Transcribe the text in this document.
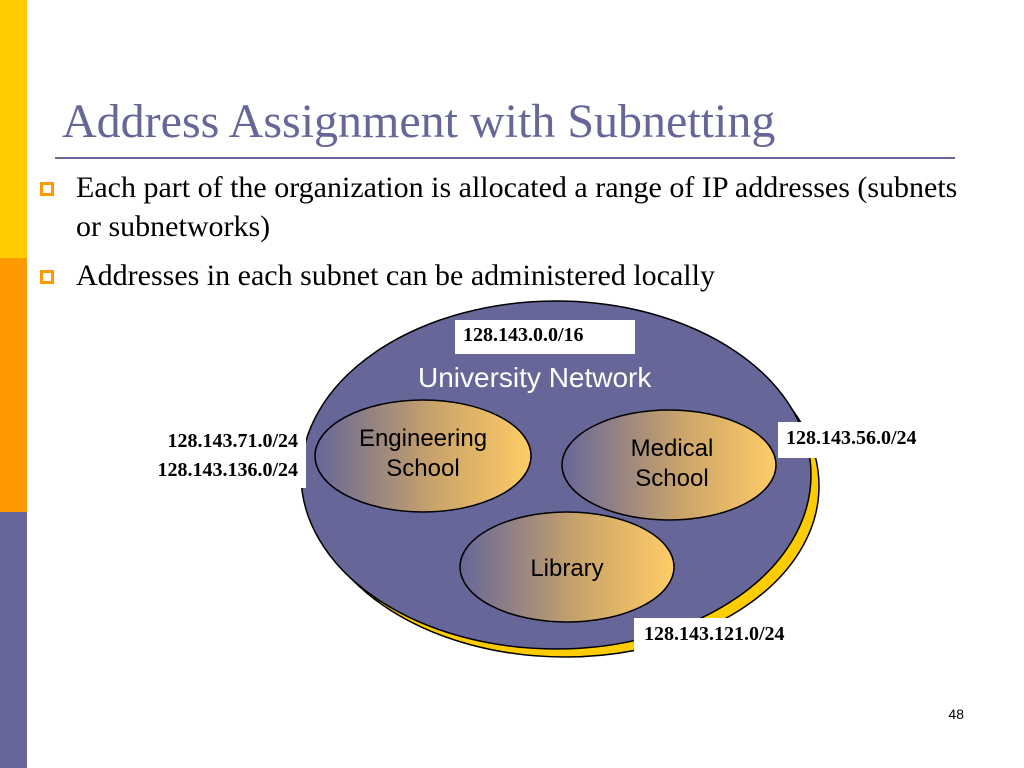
Address Assignment with Subnetting
Each part of the organization is allocated a range of IP addresses (subnets or subnetworks)
Addresses in each subnet can be administered locally
128.143.0.0/16
University Network
128.143.71.0/24
128.143.136.0/24
128.143.56.0/24
128.143.121.0/24
Engineering
School
Medical
School
Library
48
